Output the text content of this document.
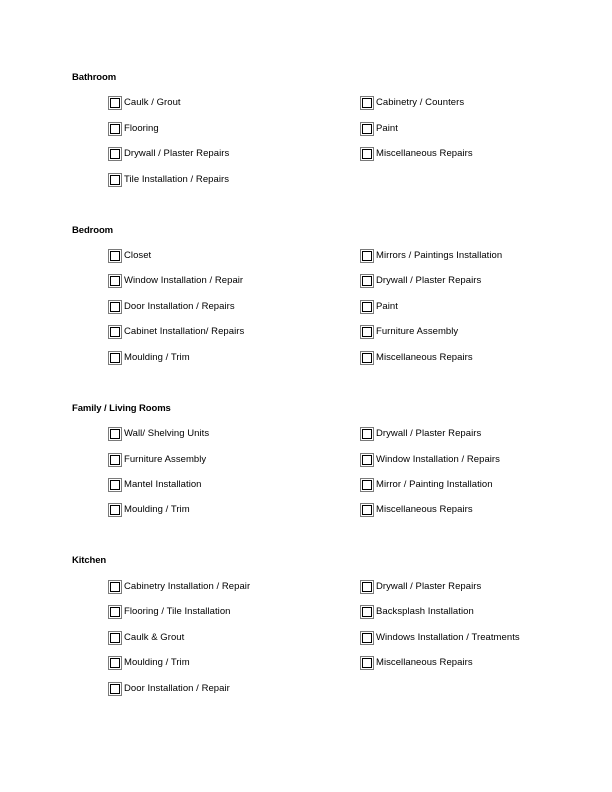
Bathroom
Caulk / Grout
Flooring
Drywall / Plaster Repairs
Tile Installation / Repairs
Cabinetry / Counters
Paint
Miscellaneous Repairs
Bedroom
Closet
Window Installation / Repair
Door Installation / Repairs
Cabinet Installation/ Repairs
Moulding / Trim
Mirrors / Paintings Installation
Drywall / Plaster Repairs
Paint
Furniture Assembly
Miscellaneous Repairs
Family / Living Rooms
Wall/ Shelving Units
Furniture Assembly
Mantel Installation
Moulding / Trim
Drywall / Plaster Repairs
Window Installation / Repairs
Mirror / Painting Installation
Miscellaneous Repairs
Kitchen
Cabinetry Installation / Repair
Flooring / Tile Installation
Caulk & Grout
Moulding / Trim
Door Installation / Repair
Drywall / Plaster Repairs
Backsplash Installation
Windows Installation / Treatments
Miscellaneous Repairs
